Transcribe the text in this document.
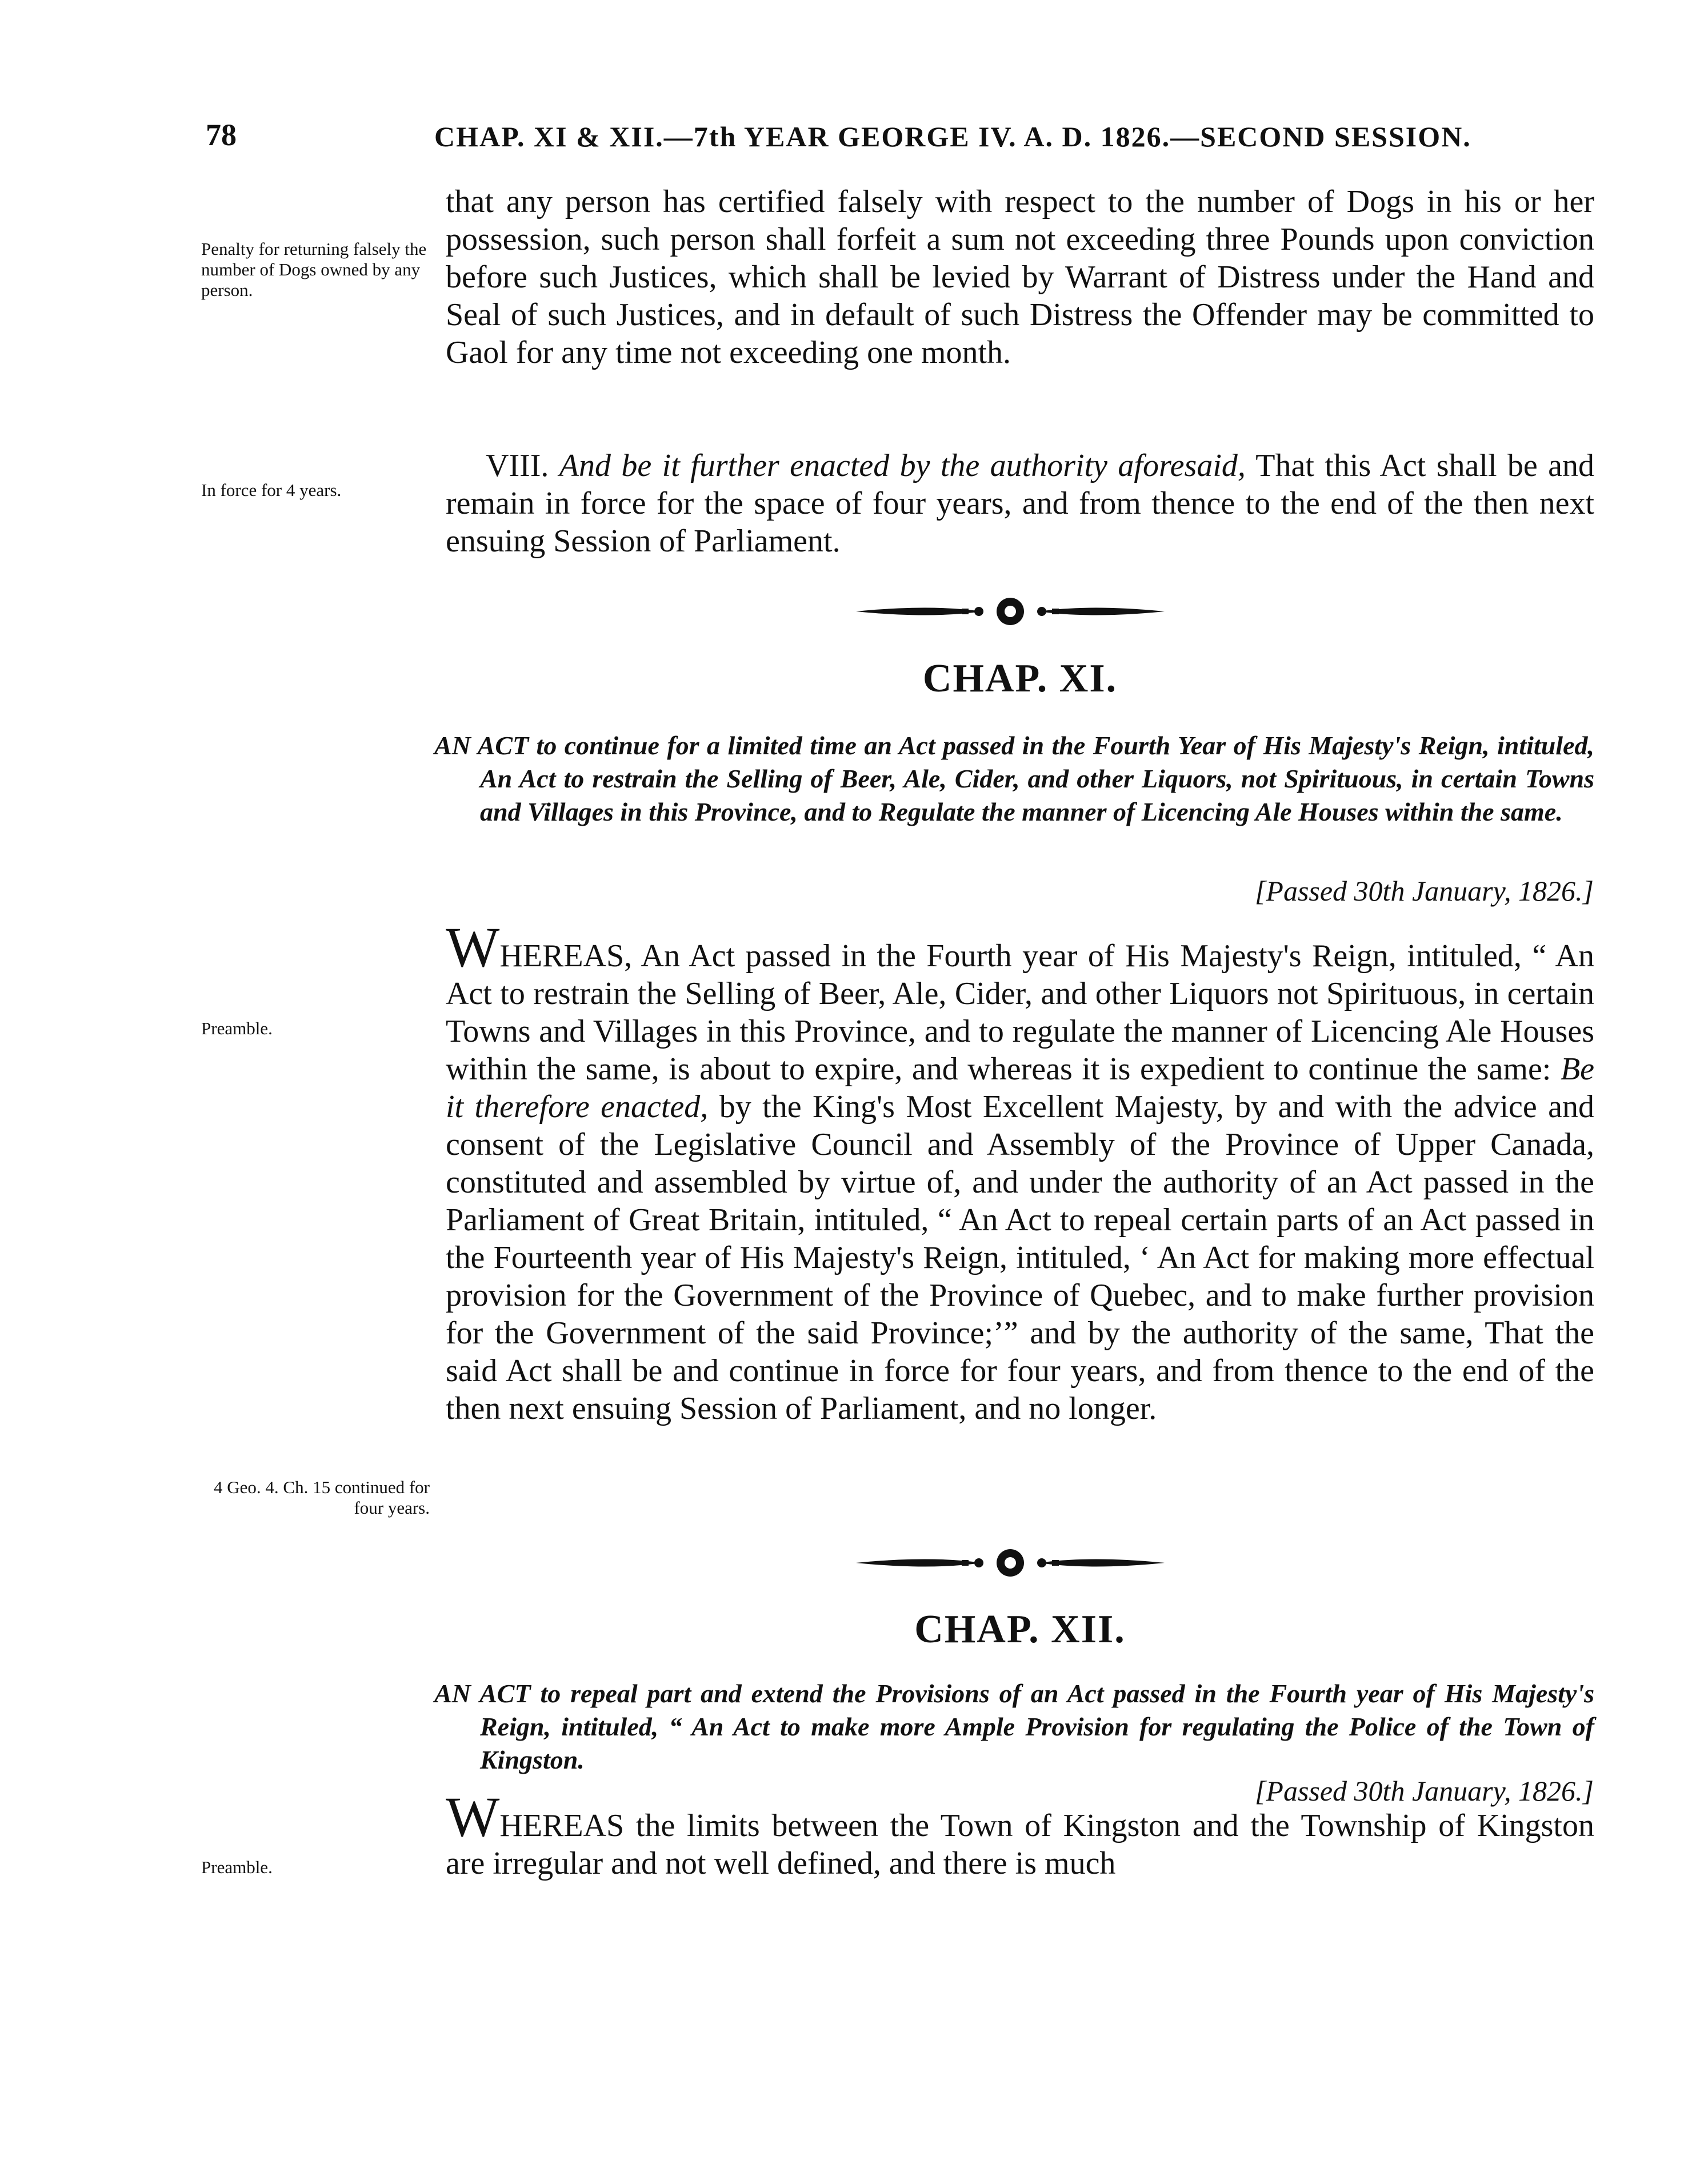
78	CHAP. XI & XII.—7th YEAR GEORGE IV. A. D. 1826.—SECOND SESSION.
Penalty for returning falsely the number of Dogs owned by any person.
In force for 4 years.
Preamble.
4 Geo. 4. Ch. 15 continued for four years.
Preamble.

that any person has certified falsely with respect to the number of Dogs in his or her possession, such person shall forfeit a sum not exceeding three Pounds upon conviction before such Justices, which shall be levied by Warrant of Distress under the Hand and Seal of such Justices, and in default of such Distress the Offender may be committed to Gaol for any time not exceeding one month.

VIII. And be it further enacted by the authority aforesaid, That this Act shall be and remain in force for the space of four years, and from thence to the end of the then next ensuing Session of Parliament.

CHAP. XI.

AN ACT to continue for a limited time an Act passed in the Fourth Year of His Majesty's Reign, intituled, An Act to restrain the Selling of Beer, Ale, Cider, and other Liquors, not Spirituous, in certain Towns and Villages in this Province, and to Regulate the manner of Licencing Ale Houses within the same.

[Passed 30th January, 1826.]

WHEREAS, An Act passed in the Fourth year of His Majesty's Reign, intituled, “ An Act to restrain the Selling of Beer, Ale, Cider, and other Liquors not Spirituous, in certain Towns and Villages in this Province, and to regulate the manner of Licencing Ale Houses within the same, is about to expire, and whereas it is expedient to continue the same: Be it therefore enacted, by the King's Most Excellent Majesty, by and with the advice and consent of the Legislative Council and Assembly of the Province of Upper Canada, constituted and assembled by virtue of, and under the authority of an Act passed in the Parliament of Great Britain, intituled, “ An Act to repeal certain parts of an Act passed in the Fourteenth year of His Majesty's Reign, intituled, ‘ An Act for making more effectual provision for the Government of the Province of Quebec, and to make further provision for the Government of the said Province;’” and by the authority of the same, That the said Act shall be and continue in force for four years, and from thence to the end of the then next ensuing Session of Parliament, and no longer.

CHAP. XII.

AN ACT to repeal part and extend the Provisions of an Act passed in the Fourth year of His Majesty's Reign, intituled, “ An Act to make more Ample Provision for regulating the Police of the Town of Kingston.

[Passed 30th January, 1826.]

WHEREAS the limits between the Town of Kingston and the Township of Kingston are irregular and not well defined, and there is much
